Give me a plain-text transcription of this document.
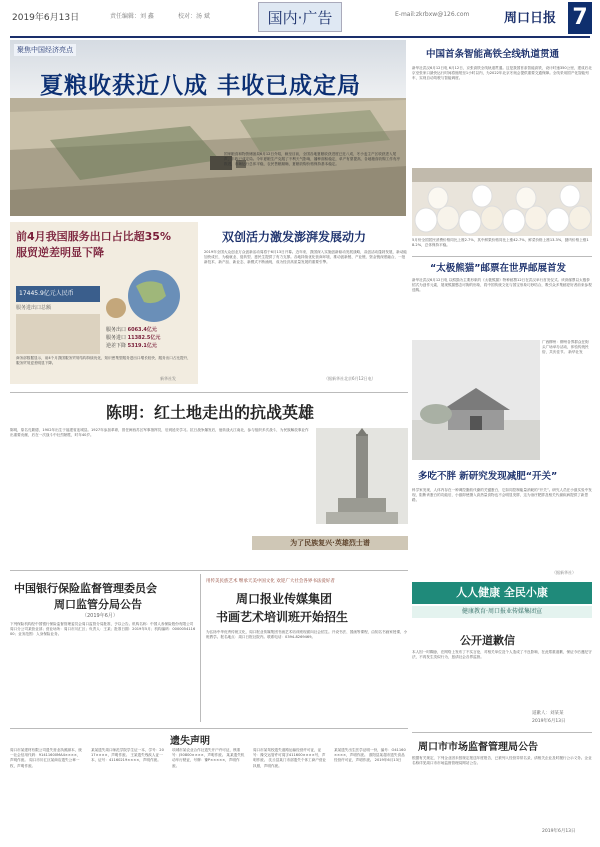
2019年6月13日	责任编辑：刘 鑫	校对：汤 斌	国内·广告	E-mail:zkrbxw@126.com	周口日报 7
聚焦中国经济亮点
夏粮收获近八成 丰收已成定局
国家粮食和物资储备局6月12日介绍，截至目前，全国各地夏粮收获进度已近八成，冬小麦主产区收获进入尾声，丰收已成定局。今年夏粮生产克服了不利天气影响，播种面积稳定，单产有望提高，各地粮食收购工作有序推进，市场运行总体平稳，农民售粮顺畅，夏粮收购价格保持基本稳定。
中国首条智能高铁全线轨道贯通
新华社武汉6月12日电 6月12日，京张高铁全线轨道贯通。这是我国首条智能高铁，设计时速350公里，建成后北京至张家口最快运行时间将缩短至1小时以内，为2022年北京冬奥会提供重要交通保障。全线采用国产化智能列车，实现自动驾驶与智能调度。
5月份全国居民消费价格同比上涨2.7%，其中鲜果价格同比上涨42.7%，鲜菜价格上涨13.3%，猪肉价格上涨18.2%，总体保持平稳。
“太极熊猫”邮票在世界邮展首发
新华社武汉6月12日电 以熊猫为主要形象的《太极熊猫》特种邮票12日在武汉举行首发仪式。该套邮票以太极拳招式为创作元素，展现熊猫憨态可掬的形象，将中国传统文化与国宝形象巧妙结合，吸引众多集邮爱好者前来参观选购。
前4月我国服务出口占比超35%
服贸逆差明显下降
17445.9亿元人民币
服务进出口总额
服务出口 6063.4亿元
服务进口 11382.5亿元
逆差下降 5319.1亿元
商务部数据显示，前4个月我国服务贸易结构持续优化，知识密集型服务进出口增长较快，服务出口占比提升，服务贸易逆差明显下降。
新华社发
双创活力激发澎湃发展动力
2019年全国大众创业万众创新活动周将于6月13日开幕。近年来，我国深入实施创新驱动发展战略，双创活动蓬勃发展，新动能加快成长，为稳就业、促转型、惠民生提供了有力支撑。各地持续优化营商环境，推动创新链、产业链、资金链深度融合，一批新技术、新产品、新业态、新模式不断涌现，成为经济高质量发展的重要引擎。
（据新华社北京6月12日电）
陈明：红土地走出的抗战英雄
陈明，原名孔繁德，1902年出生于福建省连城县。1927年参加革命，曾任闽西苏区军事指挥员，后到延安学习。抗日战争爆发后，他转战大江南北，参与组织多次战斗，为民族解放事业作出重要贡献，后在一次战斗中壮烈牺牲，时年40岁。
为了民族复兴·英雄烈士谱
广西柳州：柳州各界群众在街头广场举办活动，体验传统民俗，共庆佳节。 新华社发
多吃不胖 新研究发现减肥“开关”
科学家发现，人体内存在一种调控脂肪代谢的关键蛋白，它如同控制能量消耗的“开关”。研究人员在小鼠实验中发现，阻断该蛋白的功能后，小鼠即使摄入高热量食物也不会明显发胖，这为治疗肥胖及相关代谢疾病提供了新思路。
（据新华社）
人人健康 全民小康
健康教育·周口报业传媒集团宣
中国银行保险监督管理委员会
周口监管分局公告
（2019年6月）
下列保险机构经中国银行保险监督管理委员会周口监管分局批准，予以公告。机构名称：中国人寿保险股份有限公司周口分公司某营业部；营业场所：周口市川汇区；负责人：王某；批准日期：2019年5月；机构编码：000005411600；业务范围：人身保险业务。
用传美民族艺术 继承天美中国文化 欢迎广大社会各界书法爱好者
周口报业传媒集团
书画艺术培训班开始招生
为弘扬中华优秀传统文化，周口报业传媒集团书画艺术培训班现面向社会招生。开设书法、国画等课程，由知名书画家授课，小班教学。报名地点：周口日报社院内。联系电话：0394-8269469。	公开道歉信
本人因一时糊涂，在网络上发布了不实言论，对相关单位及个人造成了不良影响，在此郑重道歉，保证今后遵纪守法，不再发生类似行为，恳请社会各界监督。
道歉人：刘某某
2019年6月13日
周口市市场监督管理局公告
根据有关规定，下列企业因未按规定报送年度报告，已被列入经营异常名录，请相关企业及时履行公示义务。企业名称详见周口市市场监督管理局网站公告。
2019年6月13日
遗失声明
周口市某建材有限公司遗失营业执照副本，统一社会信用代码：91411600MA4××××，声明作废。 周口市川汇区某商店遗失公章一枚，声明作废。
某某遗失周口师范学院学生证一本，学号：2017××××，声明作废。 王某遗失残疾人证一本，证号：41160219××××，声明作废。
项城市某农业合作社遗失开户许可证，核准号：J50800××××，声明作废。 某某遗失机动车行驶证，号牌：豫P×××××，声明作废。
周口市某驾校遗失道路运输经营许可证，证号：豫交运管许可周字411600××××号，声明作废。 沈丘县某门市部遗失个体工商户营业执照，声明作废。
某某遗失出生医学证明一份，编号：O41160××××，声明作废。 淮阳县某超市遗失食品经营许可证，声明作废。 2019年6月13日
